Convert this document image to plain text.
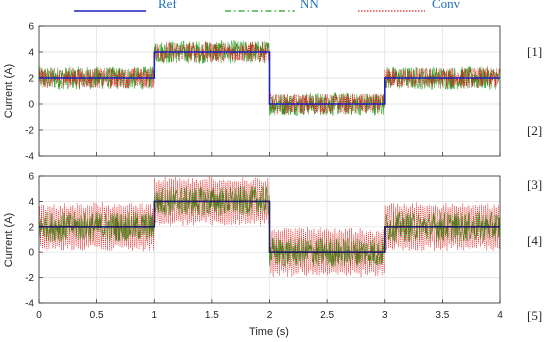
Ref	NN	Conv
[1]
[2]
[3]
[4]
[5]
-4
-2
0
2
4
6
Current (A)
-4
-2
0
2
4
6
0	0.5	1	1.5	2	2.5	3	3.5	4
Current (A)
Time (s)
